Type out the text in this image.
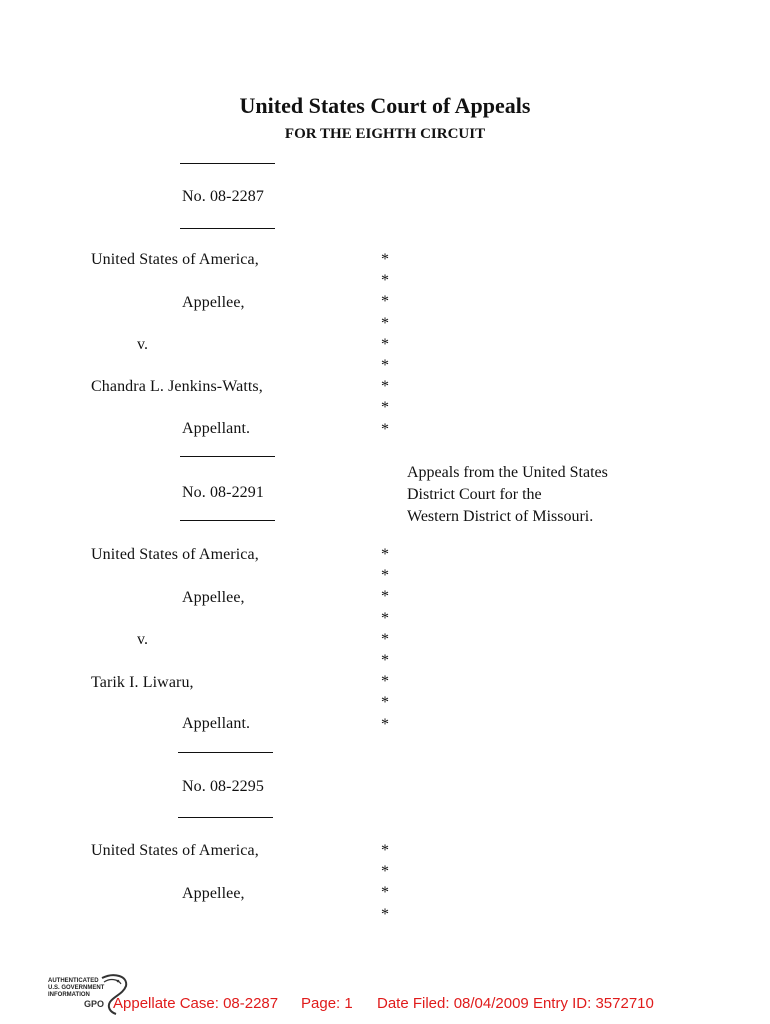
United States Court of Appeals
FOR THE EIGHTH CIRCUIT
No. 08-2287
United States of America,
Appellee,
v.
Chandra L. Jenkins-Watts,
Appellant.
No. 08-2291
United States of America,
Appellee,
v.
Tarik I. Liwaru,
Appellant.
No. 08-2295
United States of America,
Appellee,
*
*
*
*
*
*
*
*
*
*
*
*
*
*
*
*
*
*
*
*
*
*
Appeals from the United States
District Court for the
Western District of Missouri.
AUTHENTICATED
U.S. GOVERNMENT
INFORMATION
GPO Appellate Case: 08-2287 Page: 1 Date Filed: 08/04/2009 Entry ID: 3572710
